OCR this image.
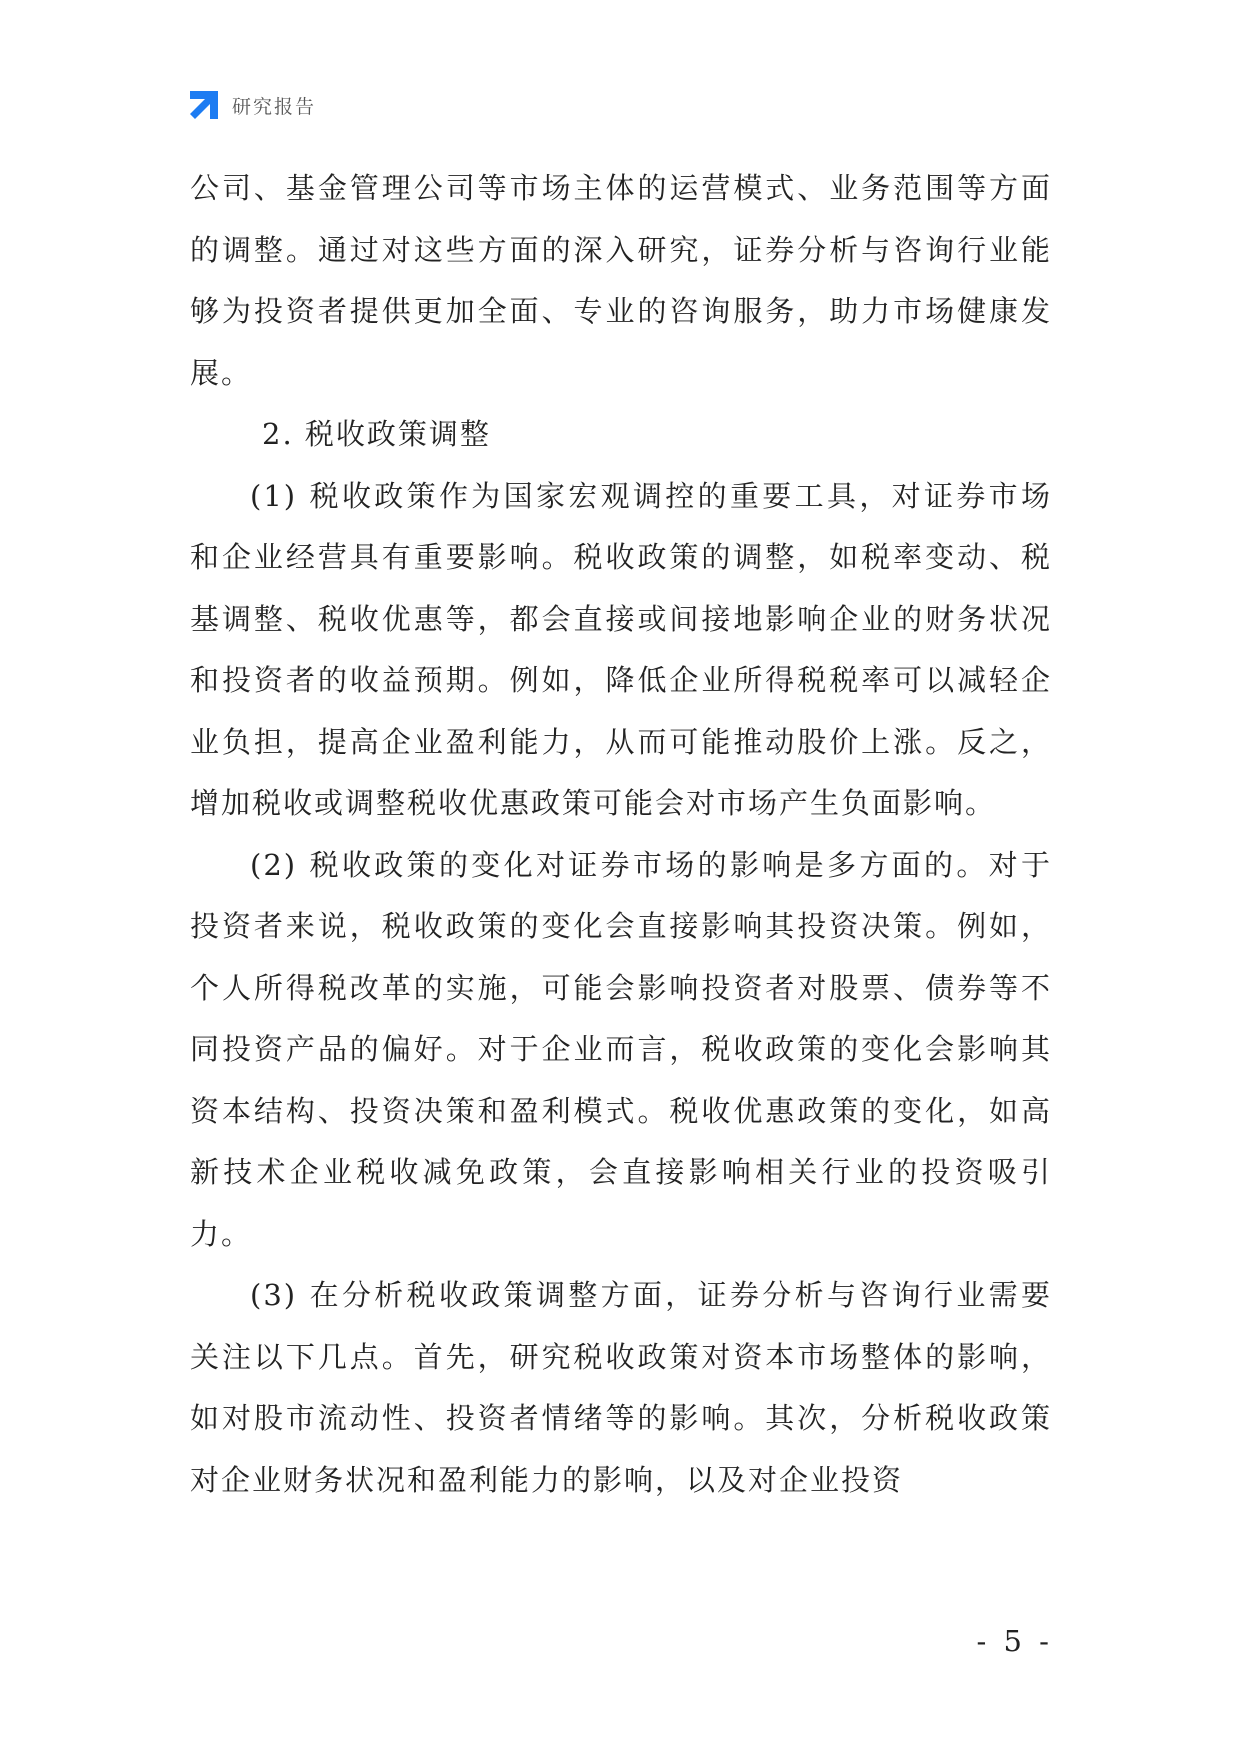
研究报告

公司、基金管理公司等市场主体的运营模式、业务范围等方面的调整。通过对这些方面的深入研究，证券分析与咨询行业能够为投资者提供更加全面、专业的咨询服务，助力市场健康发展。

2. 税收政策调整

(1) 税收政策作为国家宏观调控的重要工具，对证券市场和企业经营具有重要影响。税收政策的调整，如税率变动、税基调整、税收优惠等，都会直接或间接地影响企业的财务状况和投资者的收益预期。例如，降低企业所得税税率可以减轻企业负担，提高企业盈利能力，从而可能推动股价上涨。反之，增加税收或调整税收优惠政策可能会对市场产生负面影响。

(2) 税收政策的变化对证券市场的影响是多方面的。对于投资者来说，税收政策的变化会直接影响其投资决策。例如，个人所得税改革的实施，可能会影响投资者对股票、债券等不同投资产品的偏好。对于企业而言，税收政策的变化会影响其资本结构、投资决策和盈利模式。税收优惠政策的变化，如高新技术企业税收减免政策，会直接影响相关行业的投资吸引力。

(3) 在分析税收政策调整方面，证券分析与咨询行业需要关注以下几点。首先，研究税收政策对资本市场整体的影响，如对股市流动性、投资者情绪等的影响。其次，分析税收政策对企业财务状况和盈利能力的影响，以及对企业投资

- 5 -
